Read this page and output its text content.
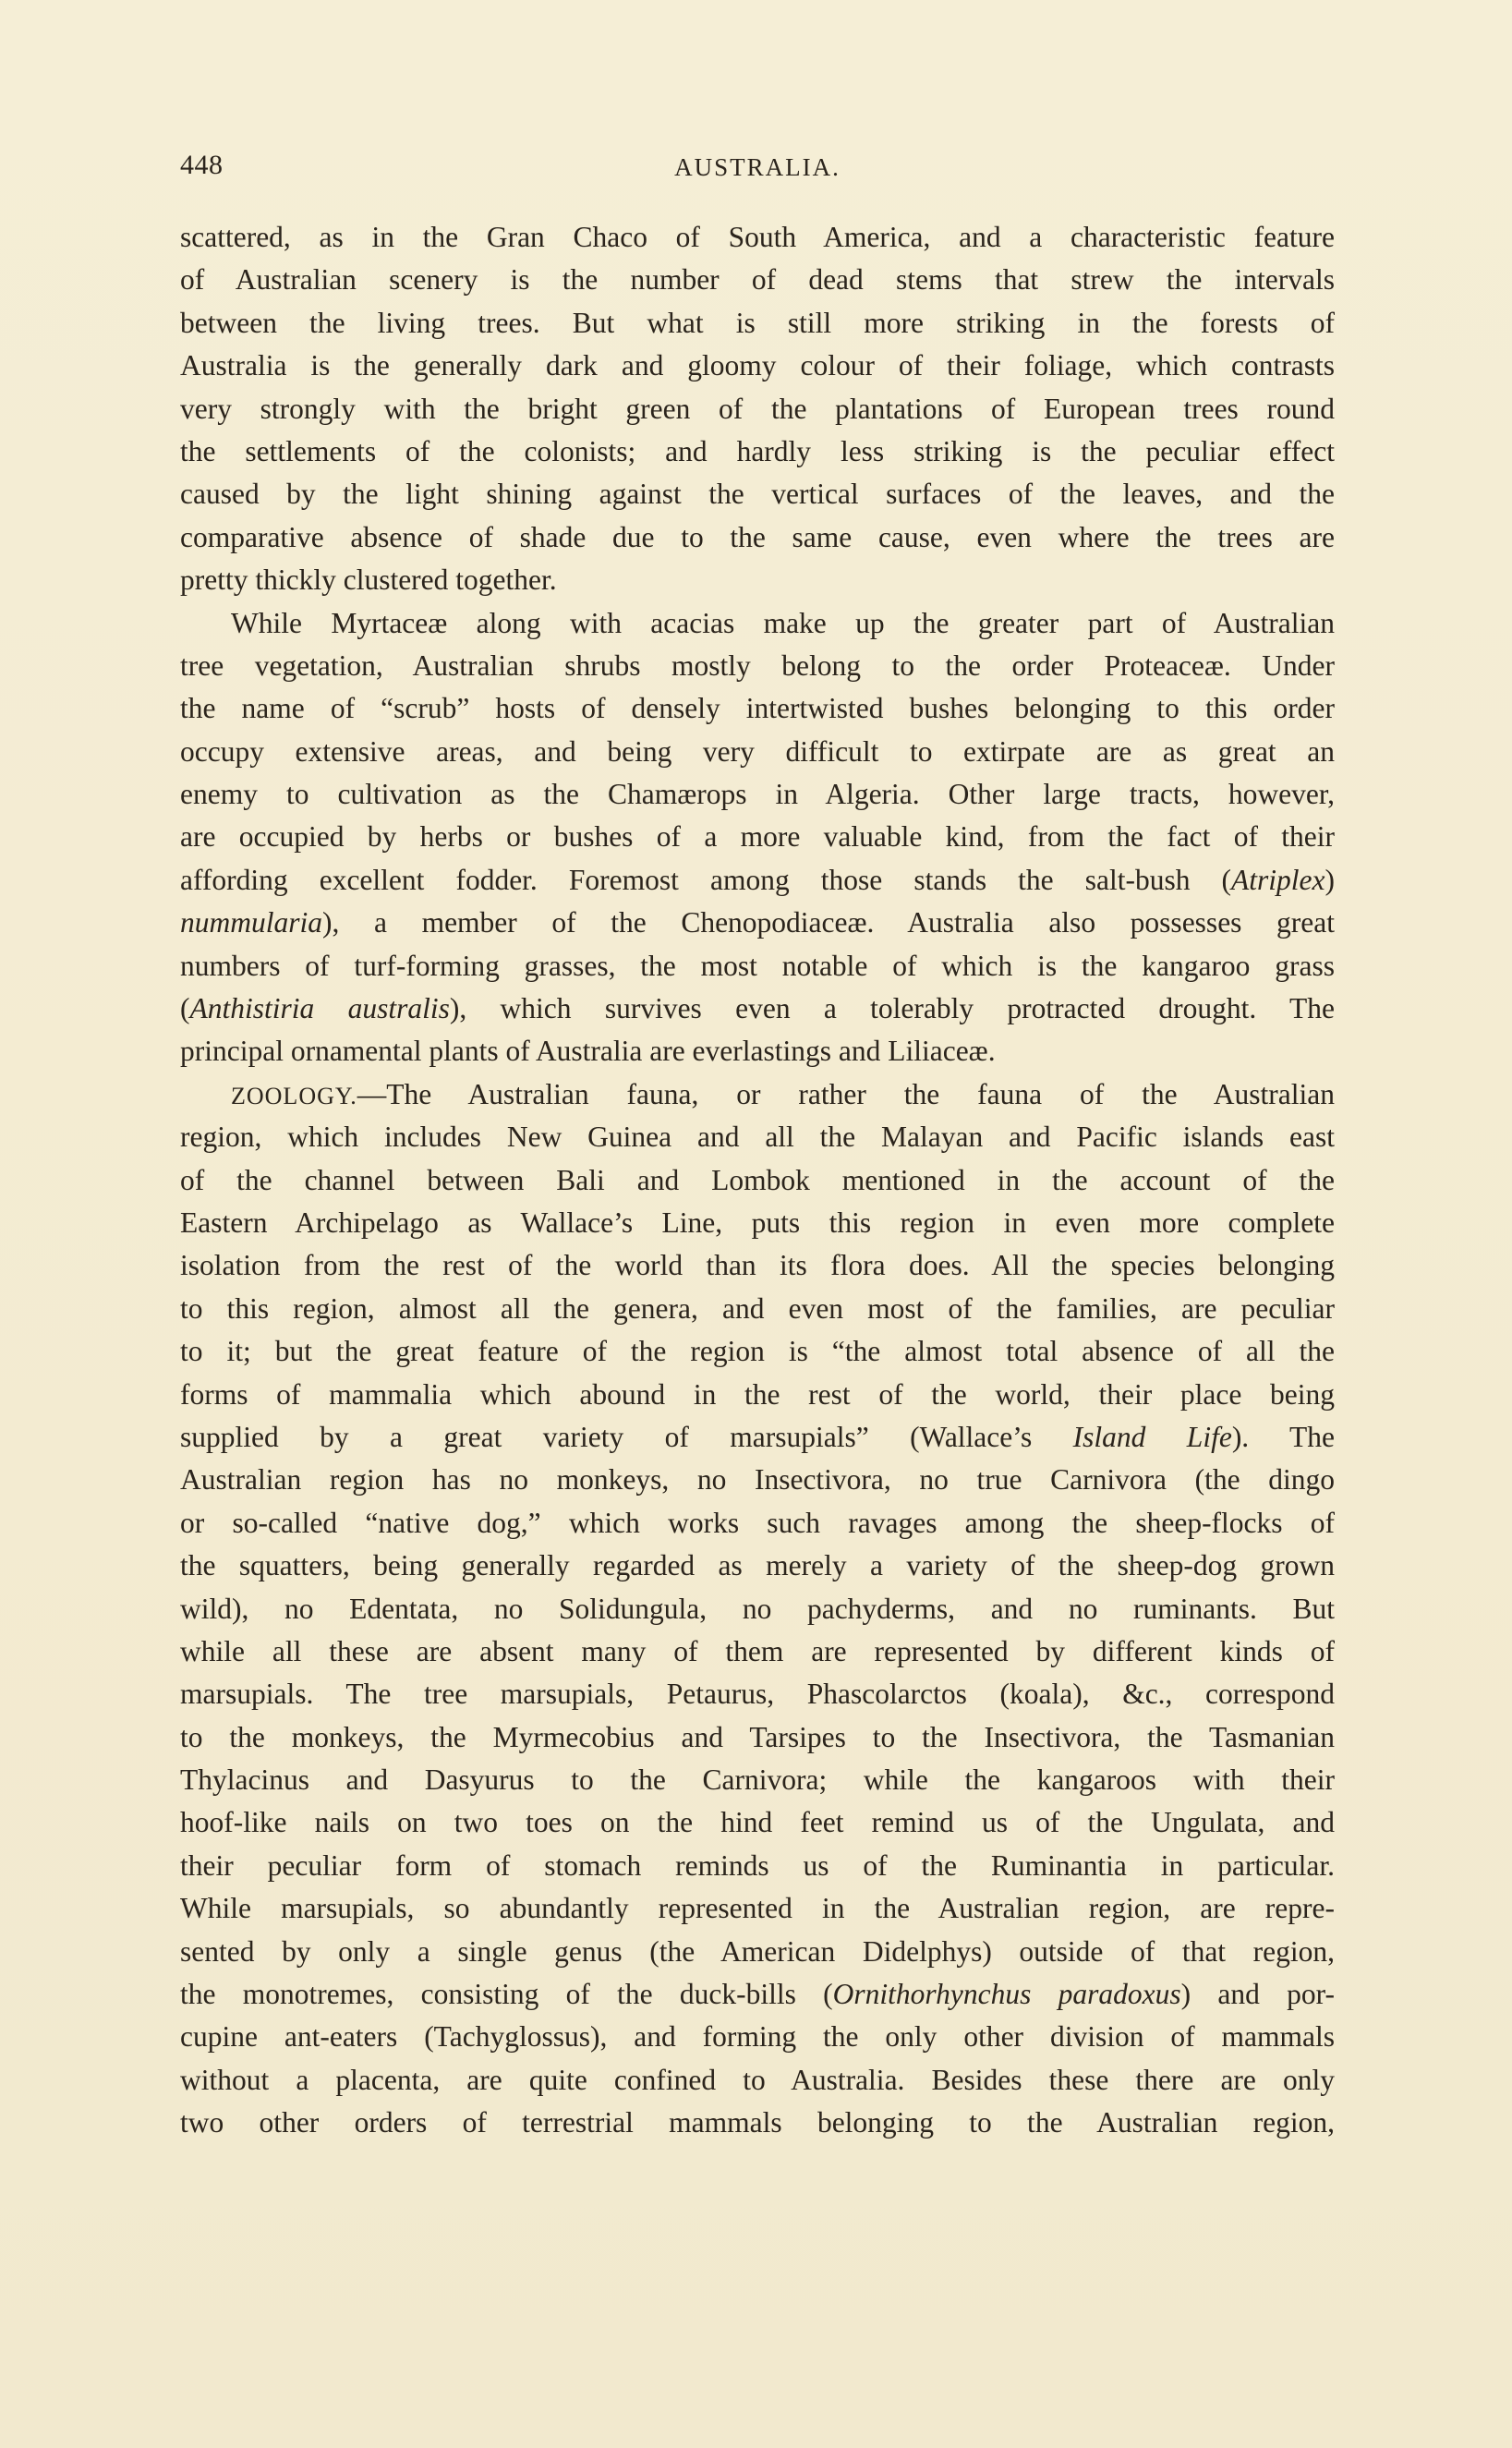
448	AUSTRALIA.
scattered, as in the Gran Chaco of South America, and a characteristic feature
of Australian scenery is the number of dead stems that strew the intervals
between the living trees. But what is still more striking in the forests of
Australia is the generally dark and gloomy colour of their foliage, which contrasts
very strongly with the bright green of the plantations of European trees round
the settlements of the colonists; and hardly less striking is the peculiar effect
caused by the light shining against the vertical surfaces of the leaves, and the
comparative absence of shade due to the same cause, even where the trees are
pretty thickly clustered together.
While Myrtaceæ along with acacias make up the greater part of Australian
tree vegetation, Australian shrubs mostly belong to the order Proteaceæ. Under
the name of “scrub” hosts of densely intertwisted bushes belonging to this order
occupy extensive areas, and being very difficult to extirpate are as great an
enemy to cultivation as the Chamærops in Algeria. Other large tracts, however,
are occupied by herbs or bushes of a more valuable kind, from the fact of their
affording excellent fodder. Foremost among those stands the salt-bush (Atriplex)
nummularia), a member of the Chenopodiaceæ. Australia also possesses great
numbers of turf-forming grasses, the most notable of which is the kangaroo grass
(Anthistiria australis), which survives even a tolerably protracted drought. The
principal ornamental plants of Australia are everlastings and Liliaceæ.
ZOOLOGY.—The Australian fauna, or rather the fauna of the Australian
region, which includes New Guinea and all the Malayan and Pacific islands east
of the channel between Bali and Lombok mentioned in the account of the
Eastern Archipelago as Wallace’s Line, puts this region in even more complete
isolation from the rest of the world than its flora does. All the species belonging
to this region, almost all the genera, and even most of the families, are peculiar
to it; but the great feature of the region is “the almost total absence of all the
forms of mammalia which abound in the rest of the world, their place being
supplied by a great variety of marsupials” (Wallace’s Island Life). The
Australian region has no monkeys, no Insectivora, no true Carnivora (the dingo
or so-called “native dog,” which works such ravages among the sheep-flocks of
the squatters, being generally regarded as merely a variety of the sheep-dog grown
wild), no Edentata, no Solidungula, no pachyderms, and no ruminants. But
while all these are absent many of them are represented by different kinds of
marsupials. The tree marsupials, Petaurus, Phascolarctos (koala), &c., correspond
to the monkeys, the Myrmecobius and Tarsipes to the Insectivora, the Tasmanian
Thylacinus and Dasyurus to the Carnivora; while the kangaroos with their
hoof-like nails on two toes on the hind feet remind us of the Ungulata, and
their peculiar form of stomach reminds us of the Ruminantia in particular.
While marsupials, so abundantly represented in the Australian region, are repre-
sented by only a single genus (the American Didelphys) outside of that region,
the monotremes, consisting of the duck-bills (Ornithorhynchus paradoxus) and por-
cupine ant-eaters (Tachyglossus), and forming the only other division of mammals
without a placenta, are quite confined to Australia. Besides these there are only
two other orders of terrestrial mammals belonging to the Australian region,
